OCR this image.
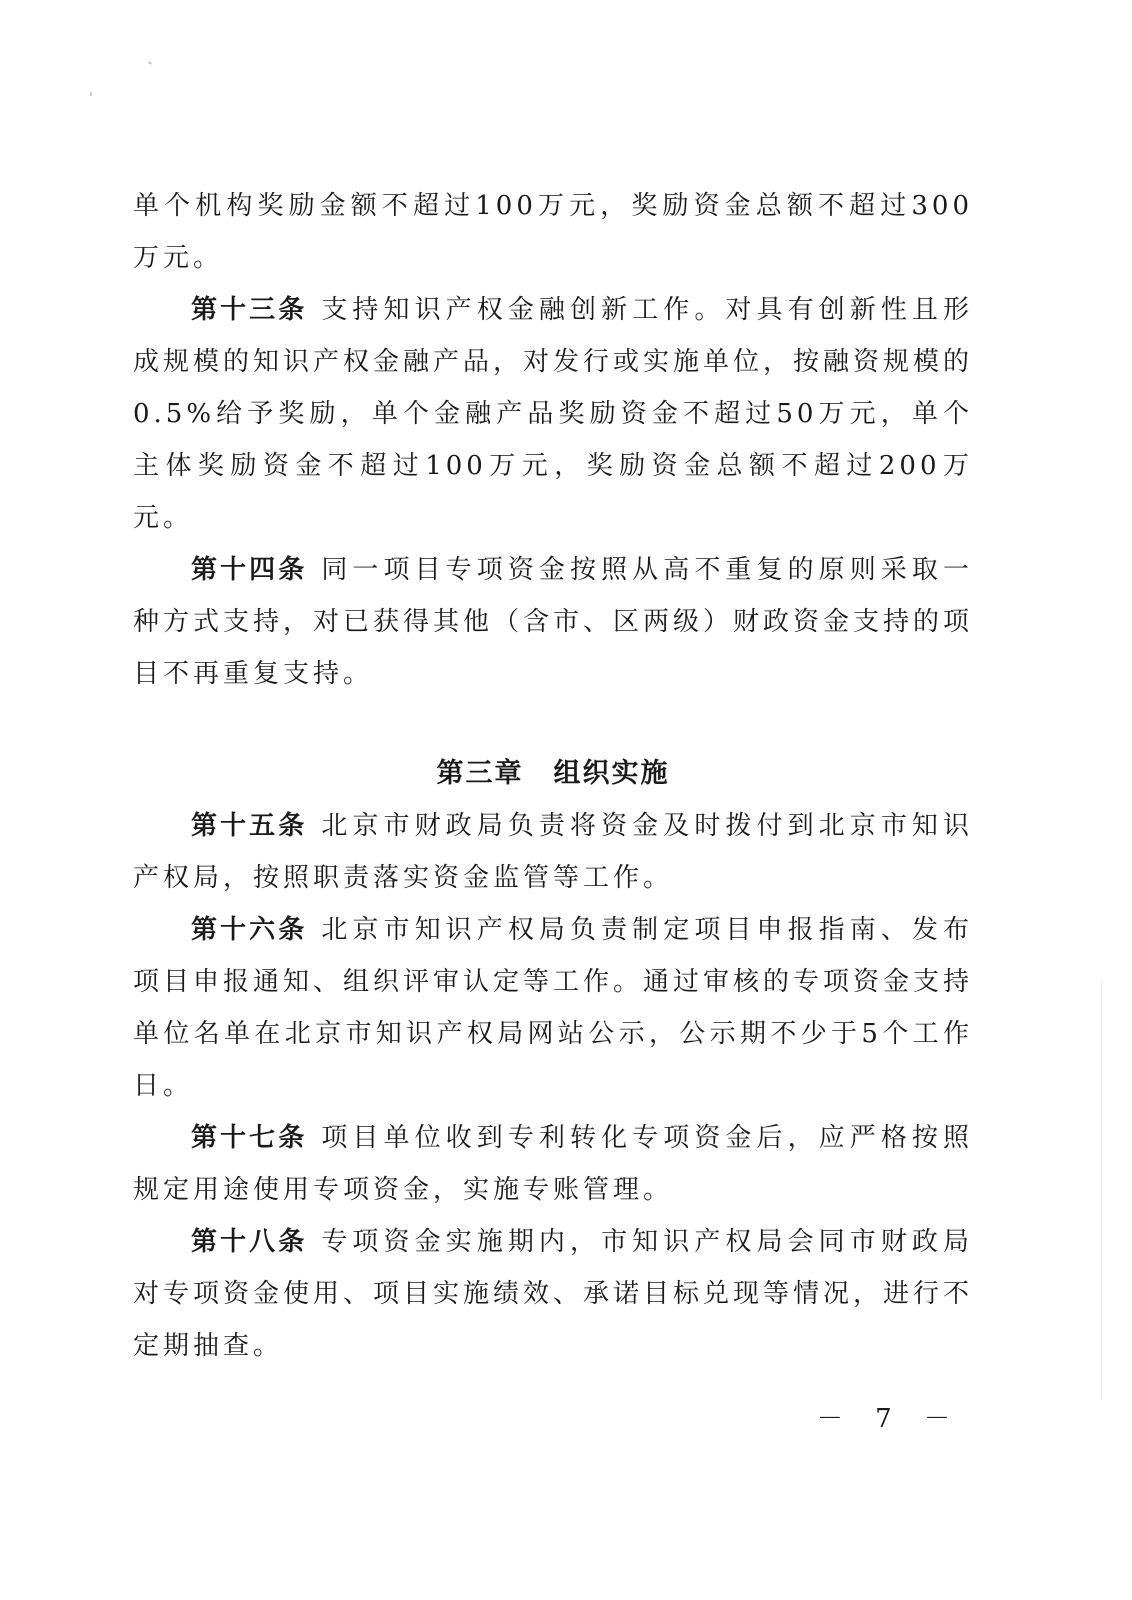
单个机构奖励金额不超过100万元，奖励资金总额不超过300万元。

第十三条 支持知识产权金融创新工作。对具有创新性且形成规模的知识产权金融产品，对发行或实施单位，按融资规模的0.5%给予奖励，单个金融产品奖励资金不超过50万元，单个主体奖励资金不超过100万元，奖励资金总额不超过200万元。

第十四条 同一项目专项资金按照从高不重复的原则采取一种方式支持，对已获得其他（含市、区两级）财政资金支持的项目不再重复支持。

第三章 组织实施

第十五条 北京市财政局负责将资金及时拨付到北京市知识产权局，按照职责落实资金监管等工作。

第十六条 北京市知识产权局负责制定项目申报指南、发布项目申报通知、组织评审认定等工作。通过审核的专项资金支持单位名单在北京市知识产权局网站公示，公示期不少于5个工作日。

第十七条 项目单位收到专利转化专项资金后，应严格按照规定用途使用专项资金，实施专账管理。

第十八条 专项资金实施期内，市知识产权局会同市财政局对专项资金使用、项目实施绩效、承诺目标兑现等情况，进行不定期抽查。

－ 7 －
